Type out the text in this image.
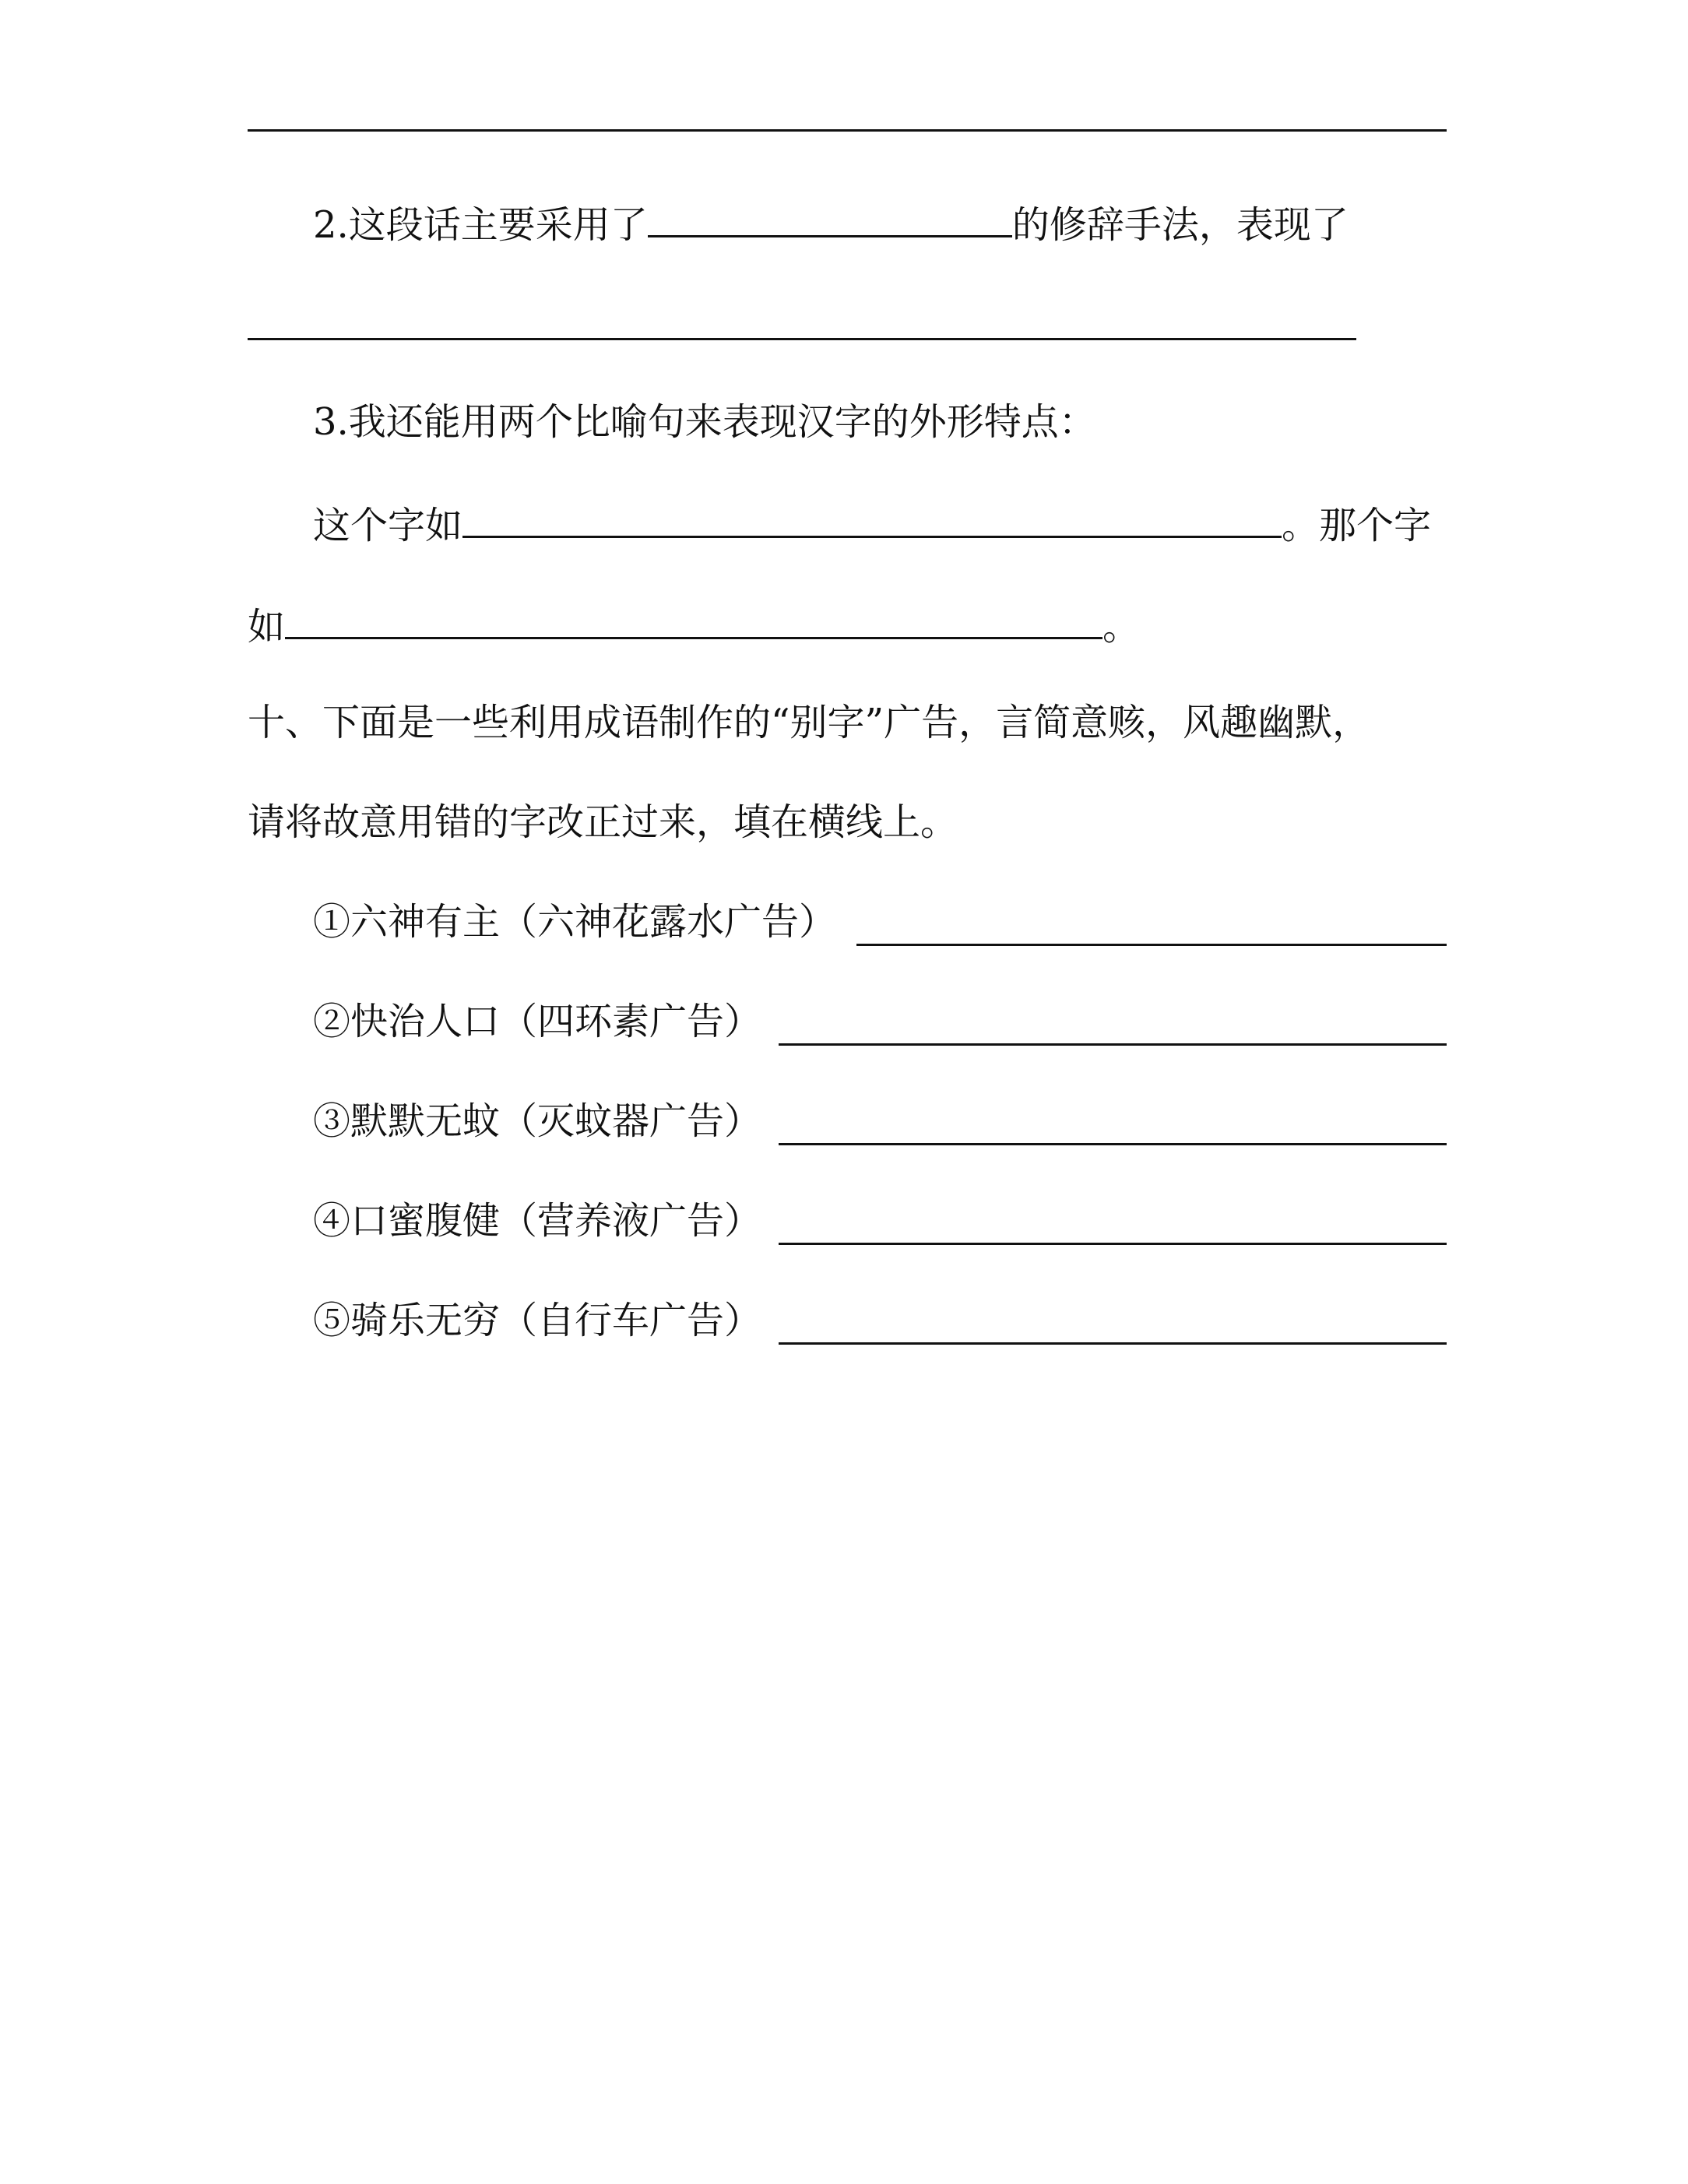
2.这段话主要采用了	的修辞手法，表现了
3.我还能用两个比喻句来表现汉字的外形特点：
这个字如	。那个字
如	。
十、下面是一些利用成语制作的“别字”广告，言简意赅，风趣幽默，
请将故意用错的字改正过来，填在横线上。
①六神有主（六神花露水广告）
②快治人口（四环素广告）
③默默无蚊（灭蚊器广告）
④口蜜腹健（营养液广告）
⑤骑乐无穷（自行车广告）
